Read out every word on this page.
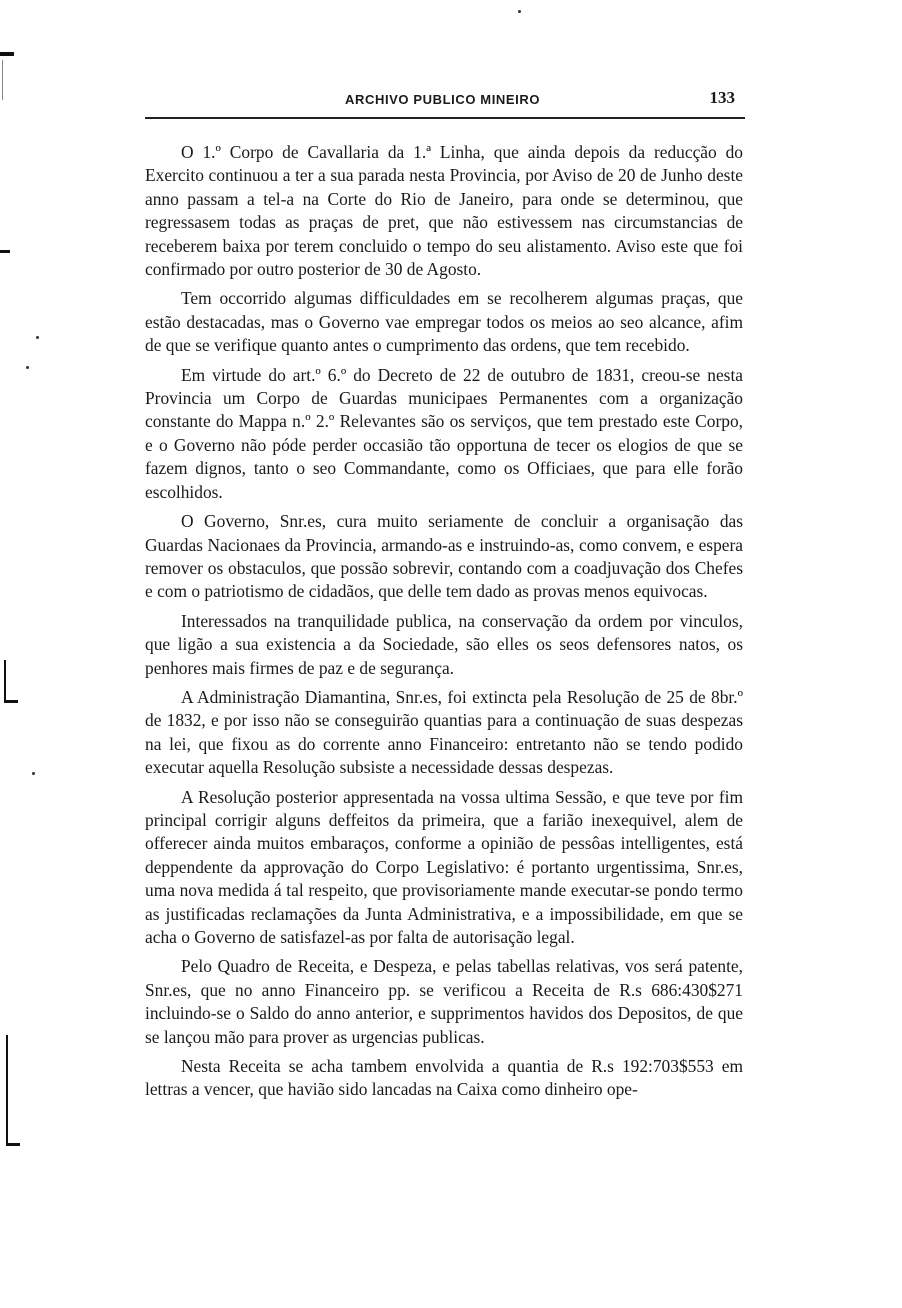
ARCHIVO PUBLICO MINEIRO	133

O 1.º Corpo de Cavallaria da 1.ª Linha, que ainda depois da reducção do Exercito continuou a ter a sua parada nesta Provincia, por Aviso de 20 de Junho deste anno passam a tel-a na Corte do Rio de Janeiro, para onde se determinou, que regressasem todas as praças de pret, que não estivessem nas circumstancias de receberem baixa por terem concluido o tempo do seu alistamento. Aviso este que foi confirmado por outro posterior de 30 de Agosto.

Tem occorrido algumas difficuldades em se recolherem algumas praças, que estão destacadas, mas o Governo vae empregar todos os meios ao seo alcance, afim de que se verifique quanto antes o cumprimento das ordens, que tem recebido.

Em virtude do art.º 6.º do Decreto de 22 de outubro de 1831, creou-se nesta Provincia um Corpo de Guardas municipaes Permanentes com a organização constante do Mappa n.º 2.º Relevantes são os serviços, que tem prestado este Corpo, e o Governo não póde perder occasião tão opportuna de tecer os elogios de que se fazem dignos, tanto o seo Commandante, como os Officiaes, que para elle forão escolhidos.

O Governo, Snr.es, cura muito seriamente de concluir a organisação das Guardas Nacionaes da Provincia, armando-as e instruindo-as, como convem, e espera remover os obstaculos, que possão sobrevir, contando com a coadjuvação dos Chefes e com o patriotismo de cidadãos, que delle tem dado as provas menos equivocas.

Interessados na tranquilidade publica, na conservação da ordem por vinculos, que ligão a sua existencia a da Sociedade, são elles os seos defensores natos, os penhores mais firmes de paz e de segurança.

A Administração Diamantina, Snr.es, foi extincta pela Resolução de 25 de 8br.º de 1832, e por isso não se conseguirão quantias para a continuação de suas despezas na lei, que fixou as do corrente anno Financeiro: entretanto não se tendo podido executar aquella Resolução subsiste a necessidade dessas despezas.

A Resolução posterior appresentada na vossa ultima Sessão, e que teve por fim principal corrigir alguns deffeitos da primeira, que a farião inexequivel, alem de offerecer ainda muitos embaraços, conforme a opinião de pessôas intelligentes, está deppendente da approvação do Corpo Legislativo: é portanto urgentissima, Snr.es, uma nova medida á tal respeito, que provisoriamente mande executar-se pondo termo as justificadas reclamações da Junta Administrativa, e a impossibilidade, em que se acha o Governo de satisfazel-as por falta de autorisação legal.

Pelo Quadro de Receita, e Despeza, e pelas tabellas relativas, vos será patente, Snr.es, que no anno Financeiro pp. se verificou a Receita de R.s 686:430$271 incluindo-se o Saldo do anno anterior, e supprimentos havidos dos Depositos, de que se lançou mão para prover as urgencias publicas.

Nesta Receita se acha tambem envolvida a quantia de R.s 192:703$553 em lettras a vencer, que havião sido lancadas na Caixa como dinheiro ope-
